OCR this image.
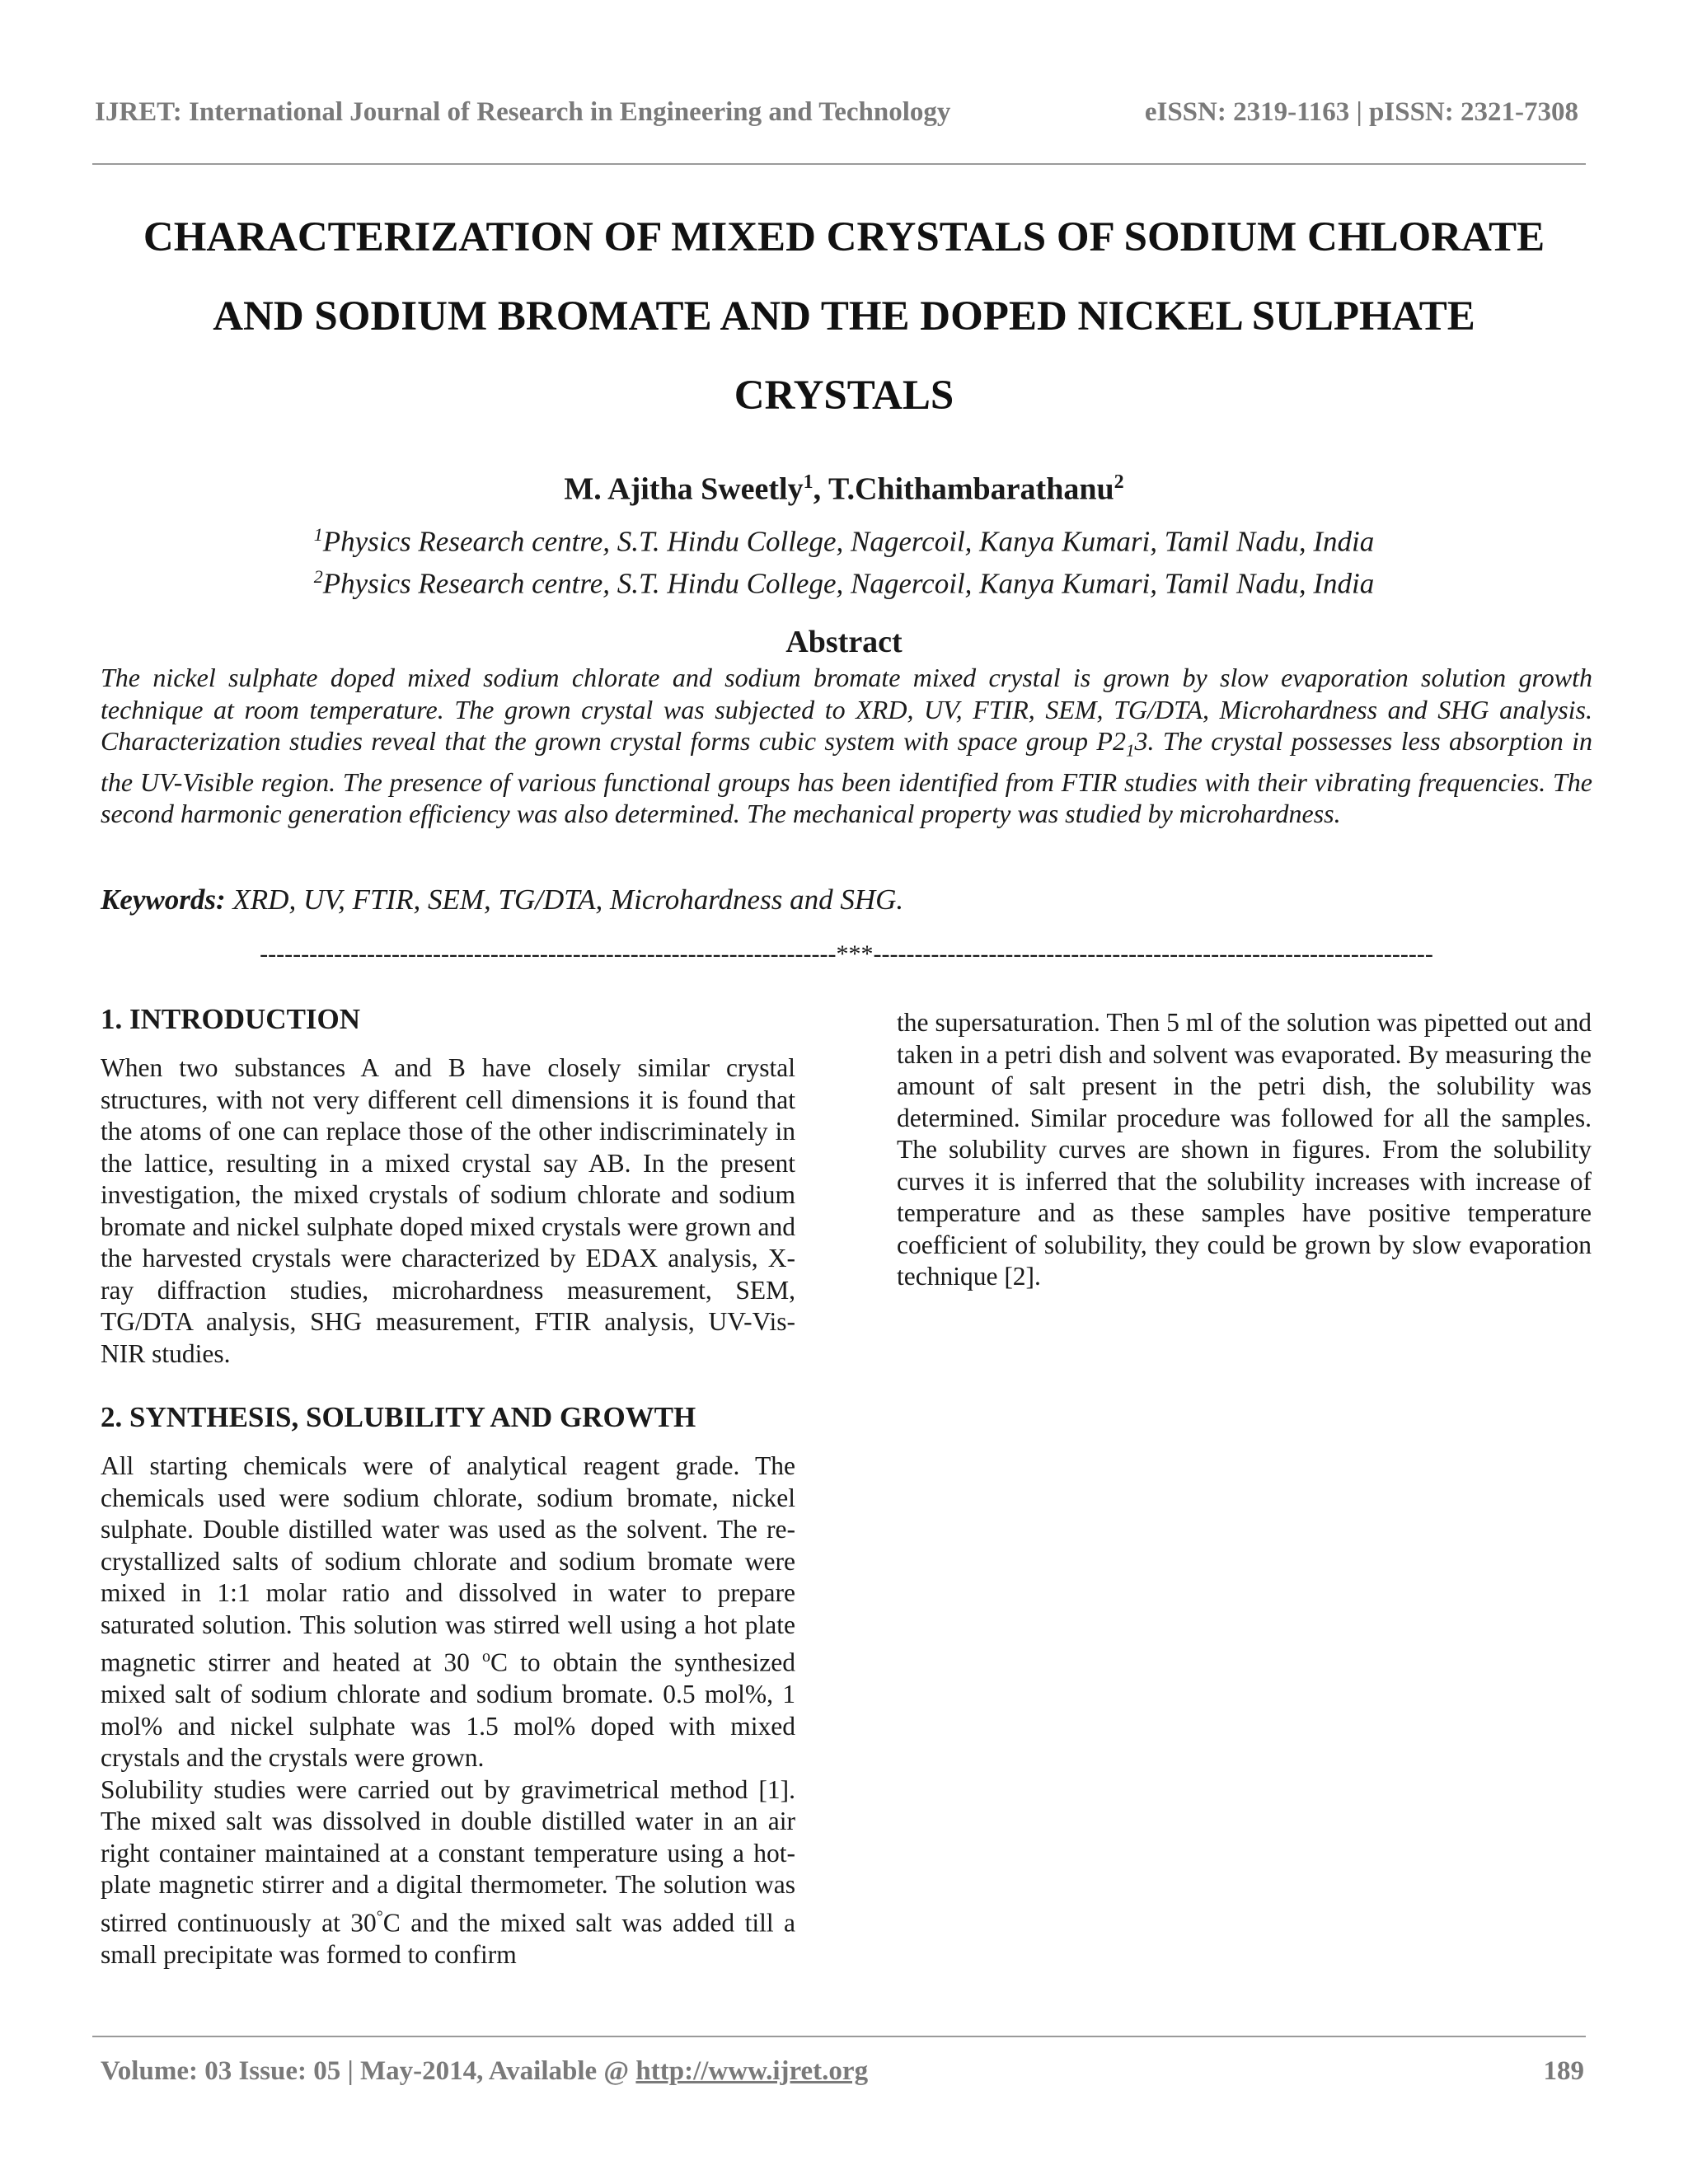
IJRET: International Journal of Research in Engineering and Technology	eISSN: 2319-1163 | pISSN: 2321-7308
CHARACTERIZATION OF MIXED CRYSTALS OF SODIUM CHLORATE
AND SODIUM BROMATE AND THE DOPED NICKEL SULPHATE
CRYSTALS
M. Ajitha Sweetly$^1$, T.Chithambarathanu$^2$
$^1$Physics Research centre, S.T. Hindu College, Nagercoil, Kanya Kumari, Tamil Nadu, India
$^2$Physics Research centre, S.T. Hindu College, Nagercoil, Kanya Kumari, Tamil Nadu, India
Abstract

The nickel sulphate doped mixed sodium chlorate and sodium bromate mixed crystal is grown by slow evaporation solution growth technique at room temperature. The grown crystal was subjected to XRD, UV, FTIR, SEM, TG/DTA, Microhardness and SHG analysis. Characterization studies reveal that the grown crystal forms cubic system with space group $P2_13$. The crystal possesses less absorption in the UV-Visible region. The presence of various functional groups has been identified from FTIR studies with their vibrating frequencies. The second harmonic generation efficiency was also determined. The mechanical property was studied by microhardness.

Keywords: XRD, UV, FTIR, SEM, TG/DTA, Microhardness and SHG.
----------------------------------------------------------------------***--------------------------------------------------------------------
1. INTRODUCTION

When two substances A and B have closely similar crystal structures, with not very different cell dimensions it is found that the atoms of one can replace those of the other indiscriminately in the lattice, resulting in a mixed crystal say AB. In the present investigation, the mixed crystals of sodium chlorate and sodium bromate and nickel sulphate doped mixed crystals were grown and the harvested crystals were characterized by EDAX analysis, X-ray diffraction studies, microhardness measurement, SEM, TG/DTA analysis, SHG measurement, FTIR analysis, UV-Vis-NIR studies.

2. SYNTHESIS, SOLUBILITY AND GROWTH

All starting chemicals were of analytical reagent grade. The chemicals used were sodium chlorate, sodium bromate, nickel sulphate. Double distilled water was used as the solvent. The re-crystallized salts of sodium chlorate and sodium bromate were mixed in 1:1 molar ratio and dissolved in water to prepare saturated solution. This solution was stirred well using a hot plate magnetic stirrer and heated at 30 $^o$C to obtain the synthesized mixed salt of sodium chlorate and sodium bromate. 0.5 mol%, 1 mol% and nickel sulphate was 1.5 mol% doped with mixed crystals and the crystals were grown.

Solubility studies were carried out by gravimetrical method [1]. The mixed salt was dissolved in double distilled water in an air right container maintained at a constant temperature using a hot-plate magnetic stirrer and a digital thermometer. The solution was stirred continuously at 30°C and the mixed salt was added till a small precipitate was formed to confirm

the supersaturation. Then 5 ml of the solution was pipetted out and taken in a petri dish and solvent was evaporated. By measuring the amount of salt present in the petri dish, the solubility was determined. Similar procedure was followed for all the samples. The solubility curves are shown in figures. From the solubility curves it is inferred that the solubility increases with increase of temperature and as these samples have positive temperature coefficient of solubility, they could be grown by slow evaporation technique [2].

Volume: 03 Issue: 05 | May-2014, Available @ http://www.ijret.org	189
